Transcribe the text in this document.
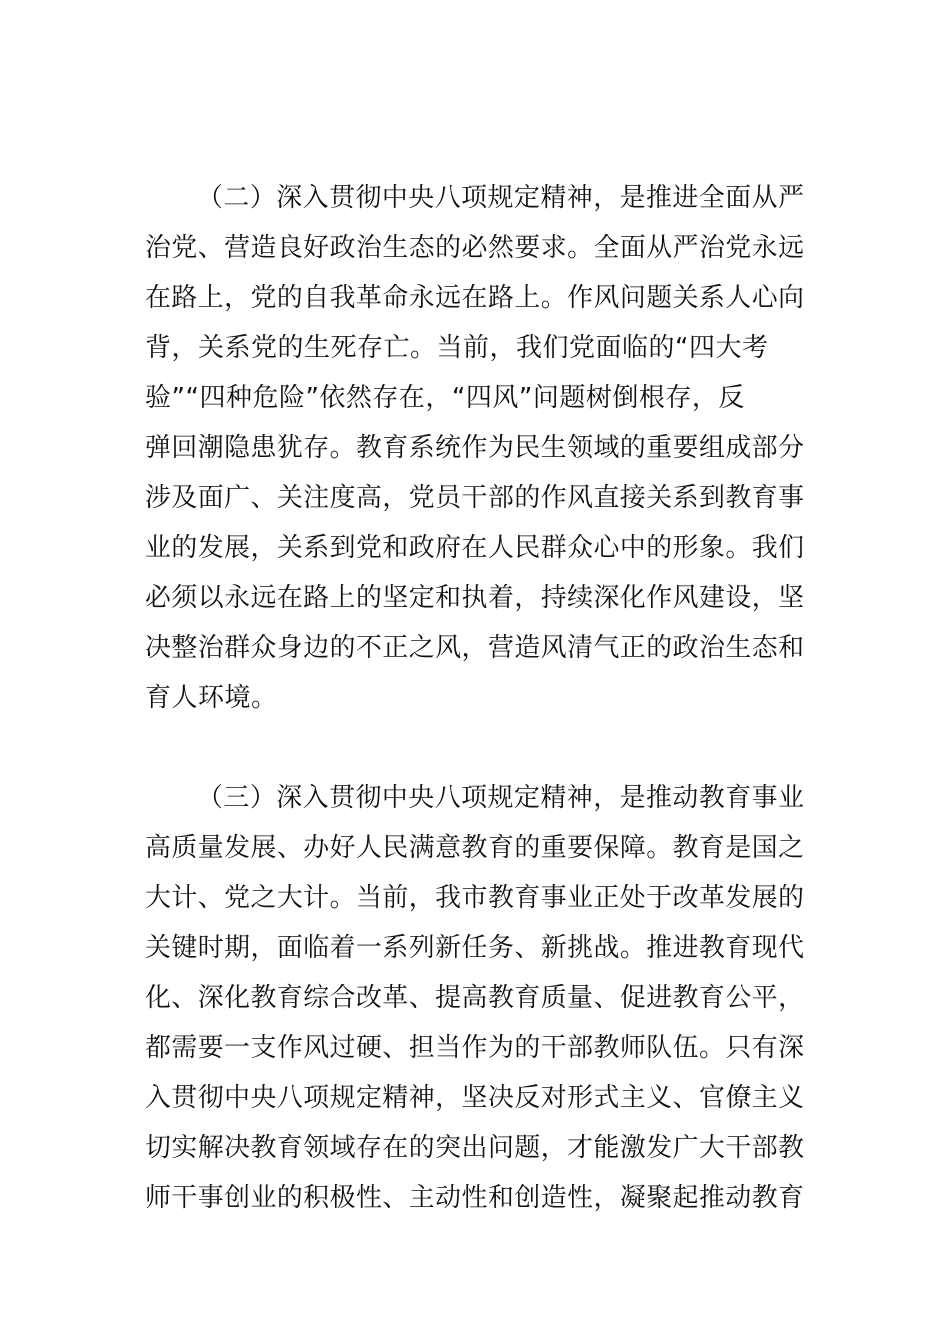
（二）深入贯彻中央八项规定精神，是推进全面从严
治党、营造良好政治生态的必然要求。全面从严治党永远
在路上，党的自我革命永远在路上。作风问题关系人心向
背，关系党的生死存亡。当前，我们党面临的“四大考
验”“四种危险”依然存在，“四风”问题树倒根存，反
弹回潮隐患犹存。教育系统作为民生领域的重要组成部分
涉及面广、关注度高，党员干部的作风直接关系到教育事
业的发展，关系到党和政府在人民群众心中的形象。我们
必须以永远在路上的坚定和执着，持续深化作风建设，坚
决整治群众身边的不正之风，营造风清气正的政治生态和
育人环境。
（三）深入贯彻中央八项规定精神，是推动教育事业
高质量发展、办好人民满意教育的重要保障。教育是国之
大计、党之大计。当前，我市教育事业正处于改革发展的
关键时期，面临着一系列新任务、新挑战。推进教育现代
化、深化教育综合改革、提高教育质量、促进教育公平，
都需要一支作风过硬、担当作为的干部教师队伍。只有深
入贯彻中央八项规定精神，坚决反对形式主义、官僚主义
切实解决教育领域存在的突出问题，才能激发广大干部教
师干事创业的积极性、主动性和创造性，凝聚起推动教育
